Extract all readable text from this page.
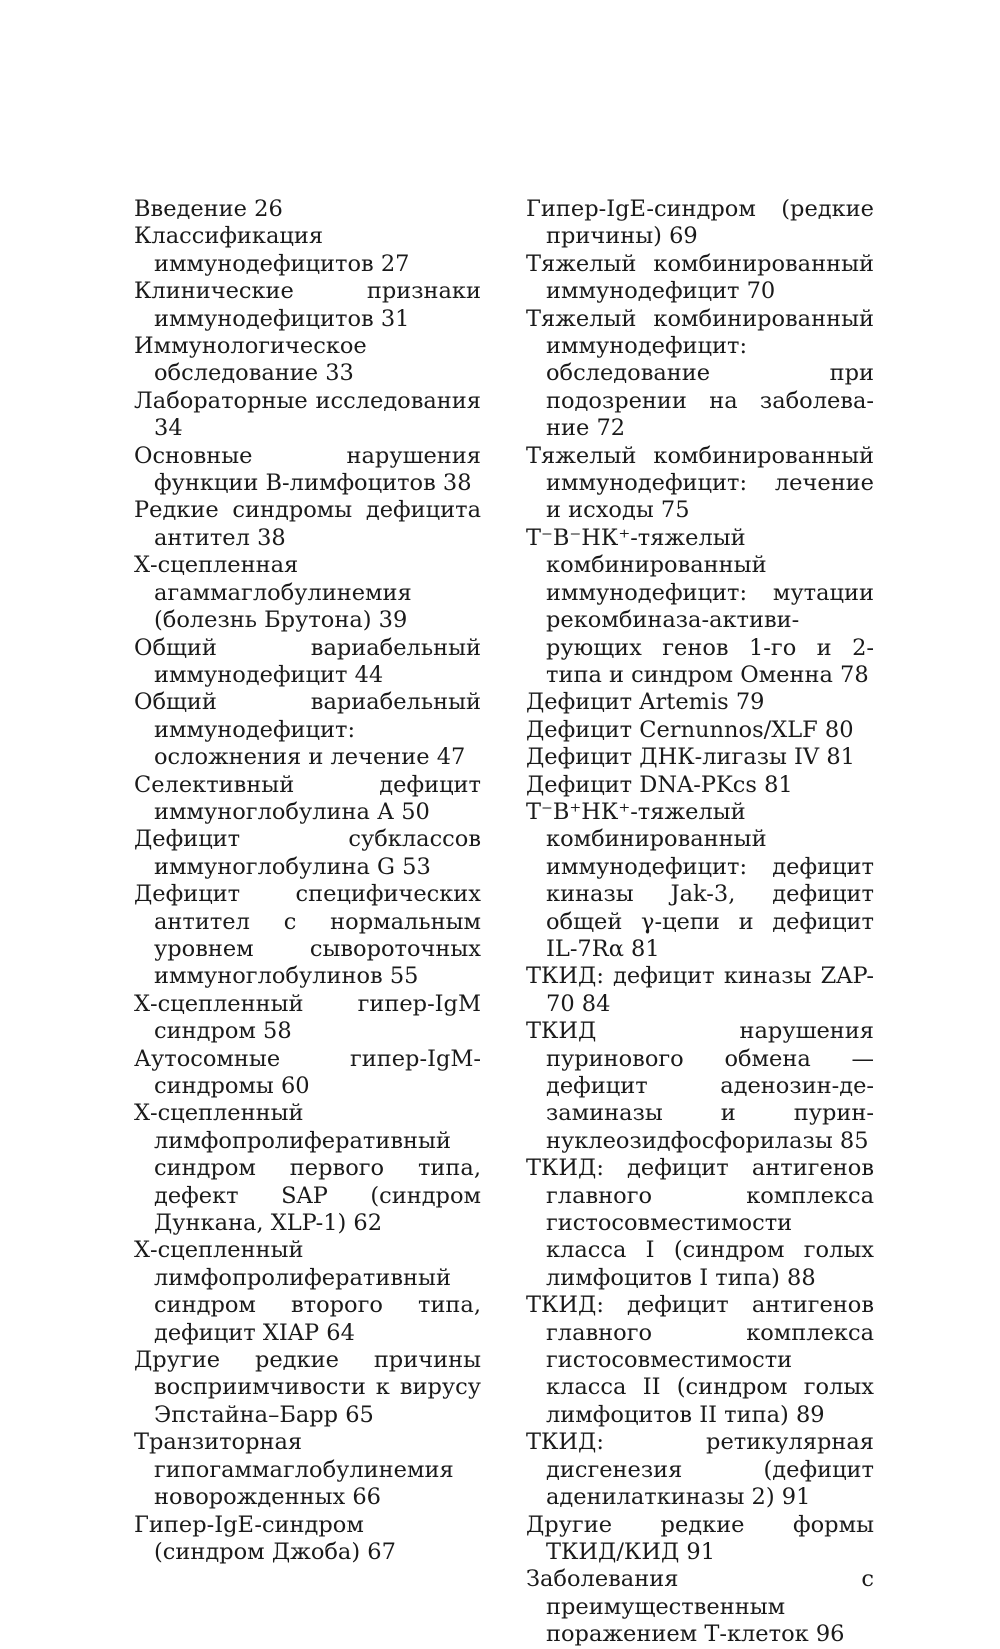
Введение 26

Классификация иммунодефицитов 27

Клинические признаки иммунодефицитов 31

Иммунологическое обследование 33

Лабораторные исследования 34

Основные нарушения функции В-лимфоцитов 38

Редкие синдромы дефицита антител 38

Х-сцепленная агаммаглобулинемия (болезнь Брутона) 39

Общий вариабельный иммунодефицит 44

Общий вариабельный иммунодефицит: осложнения и лечение 47

Селективный дефицит иммуноглобулина А 50

Дефицит субклассов иммуноглобулина G 53

Дефицит специфических антител с нормальным уровнем сывороточных иммуноглобулинов 55

Х-сцепленный гипер-IgM синдром 58

Аутосомные гипер-IgM-синдромы 60

Х-сцепленный лимфопролиферативный синдром первого типа, дефект SAP (синдром Дункана, XLP-1) 62

Х-сцепленный лимфопролиферативный синдром второго типа, дефицит XIAP 64

Другие редкие причины восприимчивости к вирусу Эпстайна–Барр 65

Транзиторная гипогаммаглобулинемия новорожденных 66

Гипер-IgE-синдром (синдром Джоба) 67

Гипер-IgE-синдром (редкие причины) 69

Тяжелый комбинированный иммунодефицит 70

Тяжелый комбинированный иммунодефицит: обследование при подозрении на заболевание 72

Тяжелый комбинированный иммунодефицит: лечение и исходы 75

Т⁻В⁻НК⁺-тяжелый комбинированный иммунодефицит: мутации рекомбиназа-активирующих генов 1-го и 2-типа и синдром Оменна 78

Дефицит Artemis 79

Дефицит Cernunnos/XLF 80

Дефицит ДНК-лигазы IV 81

Дефицит DNA-PKcs 81

Т⁻В⁺НК⁺-тяжелый комбинированный иммунодефицит: дефицит киназы Jak-3, дефицит общей γ-цепи и дефицит IL-7Rα 81

ТКИД: дефицит киназы ZAP-70 84

ТКИД нарушения пуринового обмена — дефицит аденозин-дезаминазы и пурин-нуклеозидфосфорилазы 85

ТКИД: дефицит антигенов главного комплекса гистосовместимости класса I (синдром голых лимфоцитов I типа) 88

ТКИД: дефицит антигенов главного комплекса гистосовместимости класса II (синдром голых лимфоцитов II типа) 89

ТКИД: ретикулярная дисгенезия (дефицит аденилаткиназы 2) 91

Другие редкие формы ТКИД/КИД 91

Заболевания с преимущественным поражением Т-клеток 96
